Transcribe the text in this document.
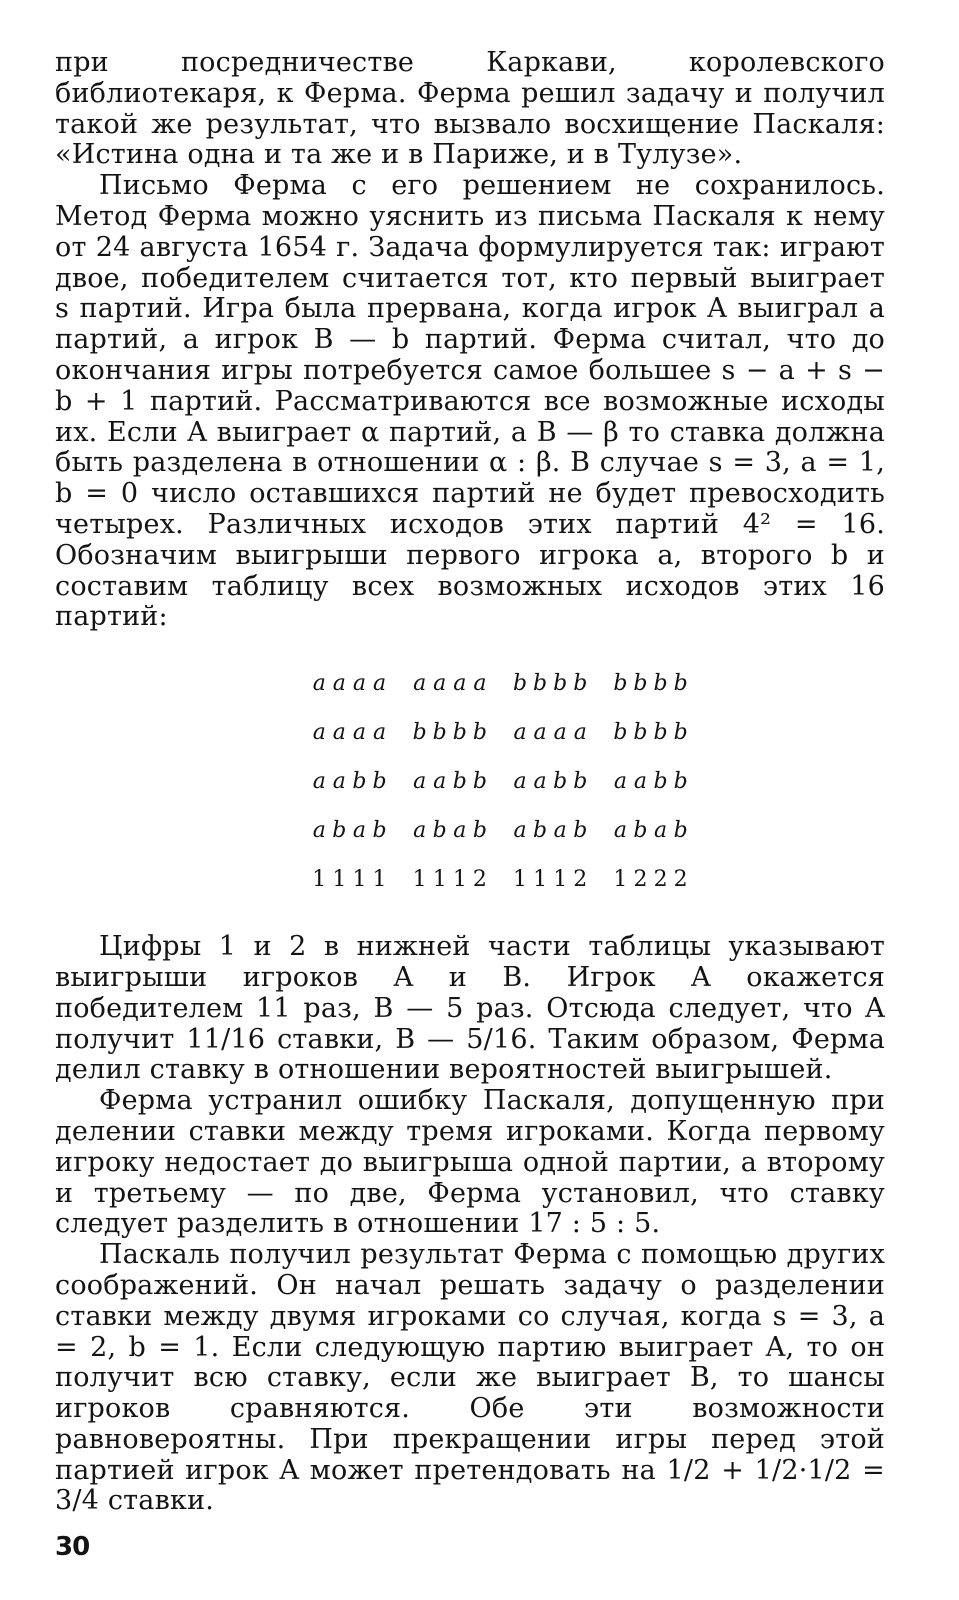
при посредничестве Каркави, королевского библиотекаря, к Ферма. Ферма решил задачу и получил такой же результат, что вызвало восхищение Паскаля: «Истина одна и та же и в Париже, и в Тулузе».

Письмо Ферма с его решением не сохранилось. Метод Ферма можно уяснить из письма Паскаля к нему от 24 августа 1654 г. Задача формулируется так: играют двое, победителем считается тот, кто первый выиграет s партий. Игра была прервана, когда игрок A выиграл a партий, а игрок B — b партий. Ферма считал, что до окончания игры потребуется самое большее s − a + s − b + 1 партий. Рассматриваются все возможные исходы их. Если A выиграет α партий, а B — β то ставка должна быть разделена в отношении α : β. В случае s = 3, a = 1, b = 0 число оставшихся партий не будет превосходить четырех. Различных исходов этих партий 4² = 16. Обозначим выигрыши первого игрока a, второго b и составим таблицу всех возможных исходов этих 16 партий:

a	a	a	a		a	a	a	a		b	b	b	b		b	b	b	b
a	a	a	a		b	b	b	b		a	a	a	a		b	b	b	b
a	a	b	b		a	a	b	b		a	a	b	b		a	a	b	b
a	b	a	b		a	b	a	b		a	b	a	b		a	b	a	b
1	1	1	1		1	1	1	2		1	1	1	2		1	2	2	2

Цифры 1 и 2 в нижней части таблицы указывают выигрыши игроков A и B. Игрок A окажется победителем 11 раз, B — 5 раз. Отсюда следует, что A получит 11/16 ставки, B — 5/16. Таким образом, Ферма делил ставку в отношении вероятностей выигрышей.

Ферма устранил ошибку Паскаля, допущенную при делении ставки между тремя игроками. Когда первому игроку недостает до выигрыша одной партии, а второму и третьему — по две, Ферма установил, что ставку следует разделить в отношении 17 : 5 : 5.

Паскаль получил результат Ферма с помощью других соображений. Он начал решать задачу о разделении ставки между двумя игроками со случая, когда s = 3, a = 2, b = 1. Если следующую партию выиграет A, то он получит всю ставку, если же выиграет B, то шансы игроков сравняются. Обе эти возможности равновероятны. При прекращении игры перед этой партией игрок A может претендовать на 1/2 + 1/2·1/2 = 3/4 ставки.

30
